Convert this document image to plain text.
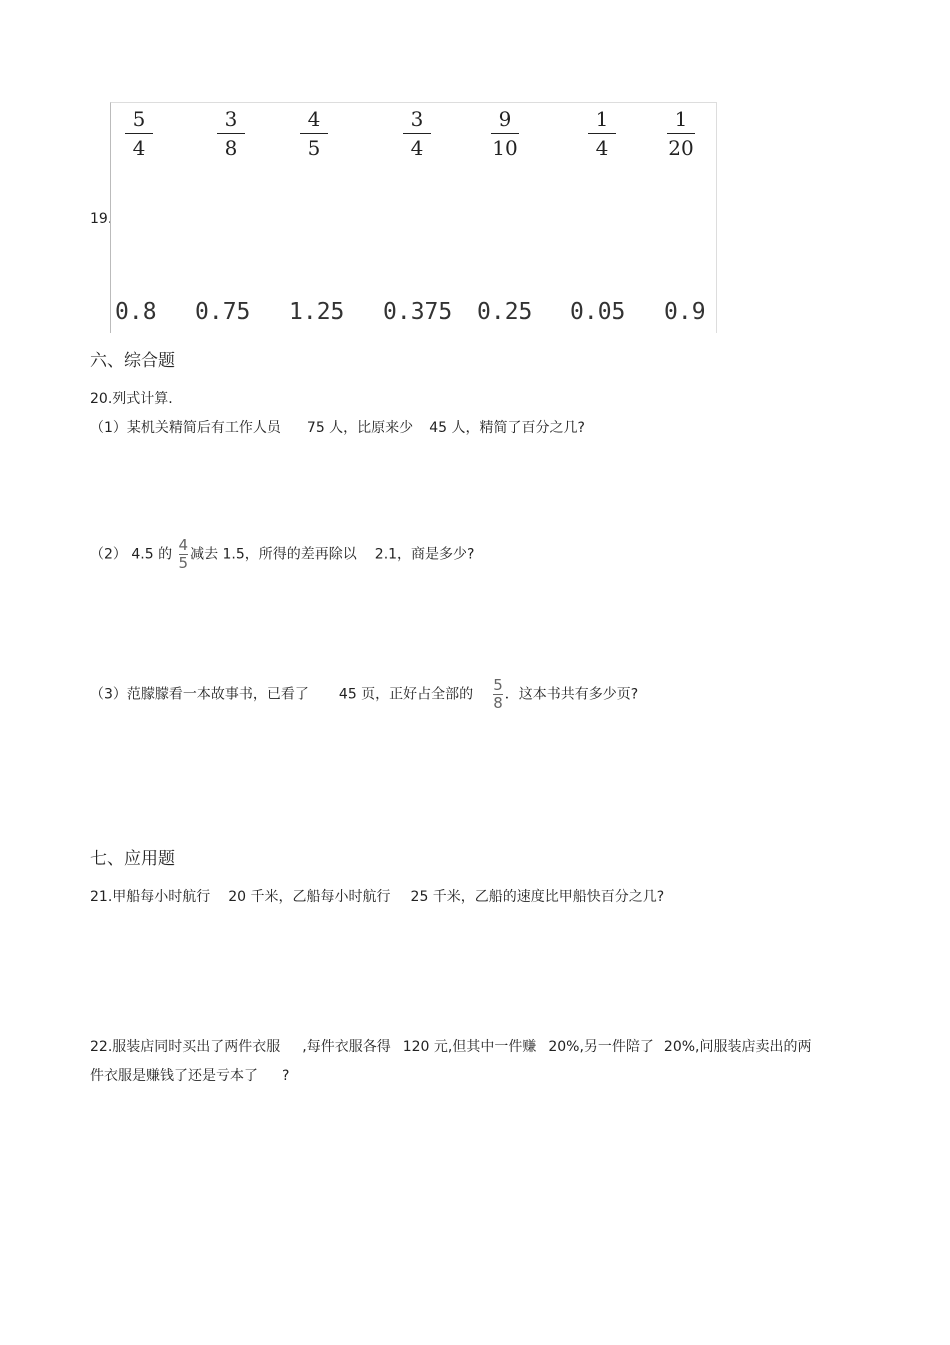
19.
5
4
3
8
4
5
3
4
9
10
1
4
1
20
0.8 0.75 1.25 0.375 0.25 0.05 0.9
六、综合题
20.列式计算.
（1）某机关精简后有工作人员 75 人，比原来少 45 人，精简了百分之几?
（2） 4.5 的 $\frac{4}{5}$ 减去 1.5，所得的差再除以 2.1，商是多少?
（3）范朦朦看一本故事书，已看了 45 页，正好占全部的 $\frac{5}{8}$ ．这本书共有多少页?
七、应用题
21.甲船每小时航行 20 千米，乙船每小时航行 25 千米，乙船的速度比甲船快百分之几?
22.服装店同时买出了两件衣服 ,每件衣服各得 120 元,但其中一件赚 20%,另一件陪了 20%,问服装店卖出的两
件衣服是赚钱了还是亏本了 ?
